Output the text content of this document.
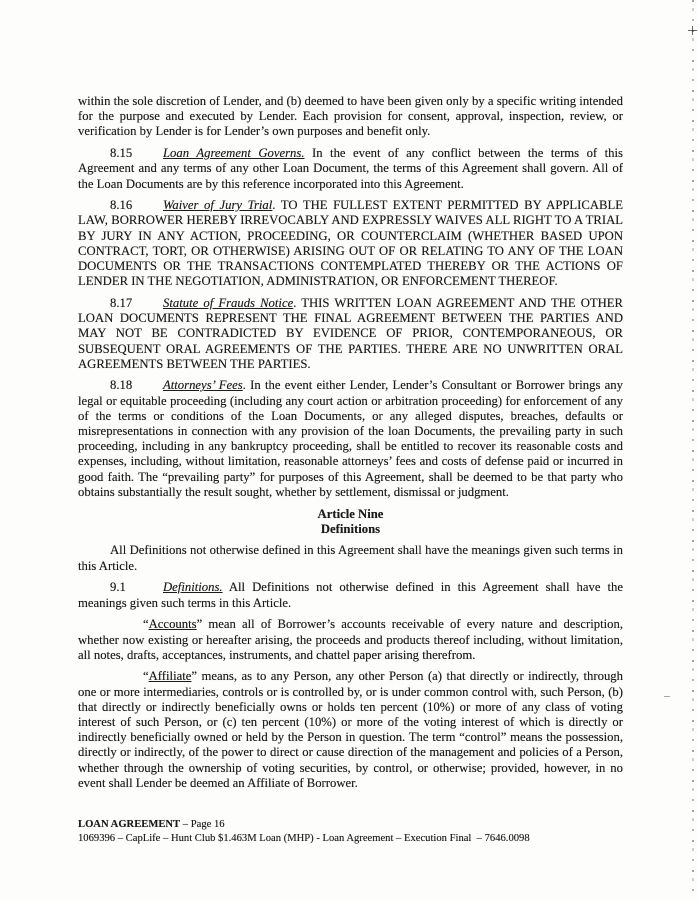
within the sole discretion of Lender, and (b) deemed to have been given only by a specific writing intended for the purpose and executed by Lender. Each provision for consent, approval, inspection, review, or verification by Lender is for Lender’s own purposes and benefit only.

8.15 Loan Agreement Governs. In the event of any conflict between the terms of this Agreement and any terms of any other Loan Document, the terms of this Agreement shall govern. All of the Loan Documents are by this reference incorporated into this Agreement.

8.16 Waiver of Jury Trial. TO THE FULLEST EXTENT PERMITTED BY APPLICABLE LAW, BORROWER HEREBY IRREVOCABLY AND EXPRESSLY WAIVES ALL RIGHT TO A TRIAL BY JURY IN ANY ACTION, PROCEEDING, OR COUNTERCLAIM (WHETHER BASED UPON CONTRACT, TORT, OR OTHERWISE) ARISING OUT OF OR RELATING TO ANY OF THE LOAN DOCUMENTS OR THE TRANSACTIONS CONTEMPLATED THEREBY OR THE ACTIONS OF LENDER IN THE NEGOTIATION, ADMINISTRATION, OR ENFORCEMENT THEREOF.

8.17 Statute of Frauds Notice. THIS WRITTEN LOAN AGREEMENT AND THE OTHER LOAN DOCUMENTS REPRESENT THE FINAL AGREEMENT BETWEEN THE PARTIES AND MAY NOT BE CONTRADICTED BY EVIDENCE OF PRIOR, CONTEMPORANEOUS, OR SUBSEQUENT ORAL AGREEMENTS OF THE PARTIES. THERE ARE NO UNWRITTEN ORAL AGREEMENTS BETWEEN THE PARTIES.

8.18 Attorneys’ Fees. In the event either Lender, Lender’s Consultant or Borrower brings any legal or equitable proceeding (including any court action or arbitration proceeding) for enforcement of any of the terms or conditions of the Loan Documents, or any alleged disputes, breaches, defaults or misrepresentations in connection with any provision of the loan Documents, the prevailing party in such proceeding, including in any bankruptcy proceeding, shall be entitled to recover its reasonable costs and expenses, including, without limitation, reasonable attorneys’ fees and costs of defense paid or incurred in good faith. The “prevailing party” for purposes of this Agreement, shall be deemed to be that party who obtains substantially the result sought, whether by settlement, dismissal or judgment.

Article Nine

Definitions

All Definitions not otherwise defined in this Agreement shall have the meanings given such terms in this Article.

9.1	Definitions. All Definitions not otherwise defined in this Agreement shall have the meanings given such terms in this Article.

“Accounts” mean all of Borrower’s accounts receivable of every nature and description, whether now existing or hereafter arising, the proceeds and products thereof including, without limitation, all notes, drafts, acceptances, instruments, and chattel paper arising therefrom.

“Affiliate” means, as to any Person, any other Person (a) that directly or indirectly, through one or more intermediaries, controls or is controlled by, or is under common control with, such Person, (b) that directly or indirectly beneficially owns or holds ten percent (10%) or more of any class of voting interest of such Person, or (c) ten percent (10%) or more of the voting interest of which is directly or indirectly beneficially owned or held by the Person in question. The term “control” means the possession, directly or indirectly, of the power to direct or cause direction of the management and policies of a Person, whether through the ownership of voting securities, by control, or otherwise; provided, however, in no event shall Lender be deemed an Affiliate of Borrower.

LOAN AGREEMENT – Page 16
1069396 – CapLife – Hunt Club $1.463M Loan (MHP) - Loan Agreement – Execution Final  – 7646.0098
